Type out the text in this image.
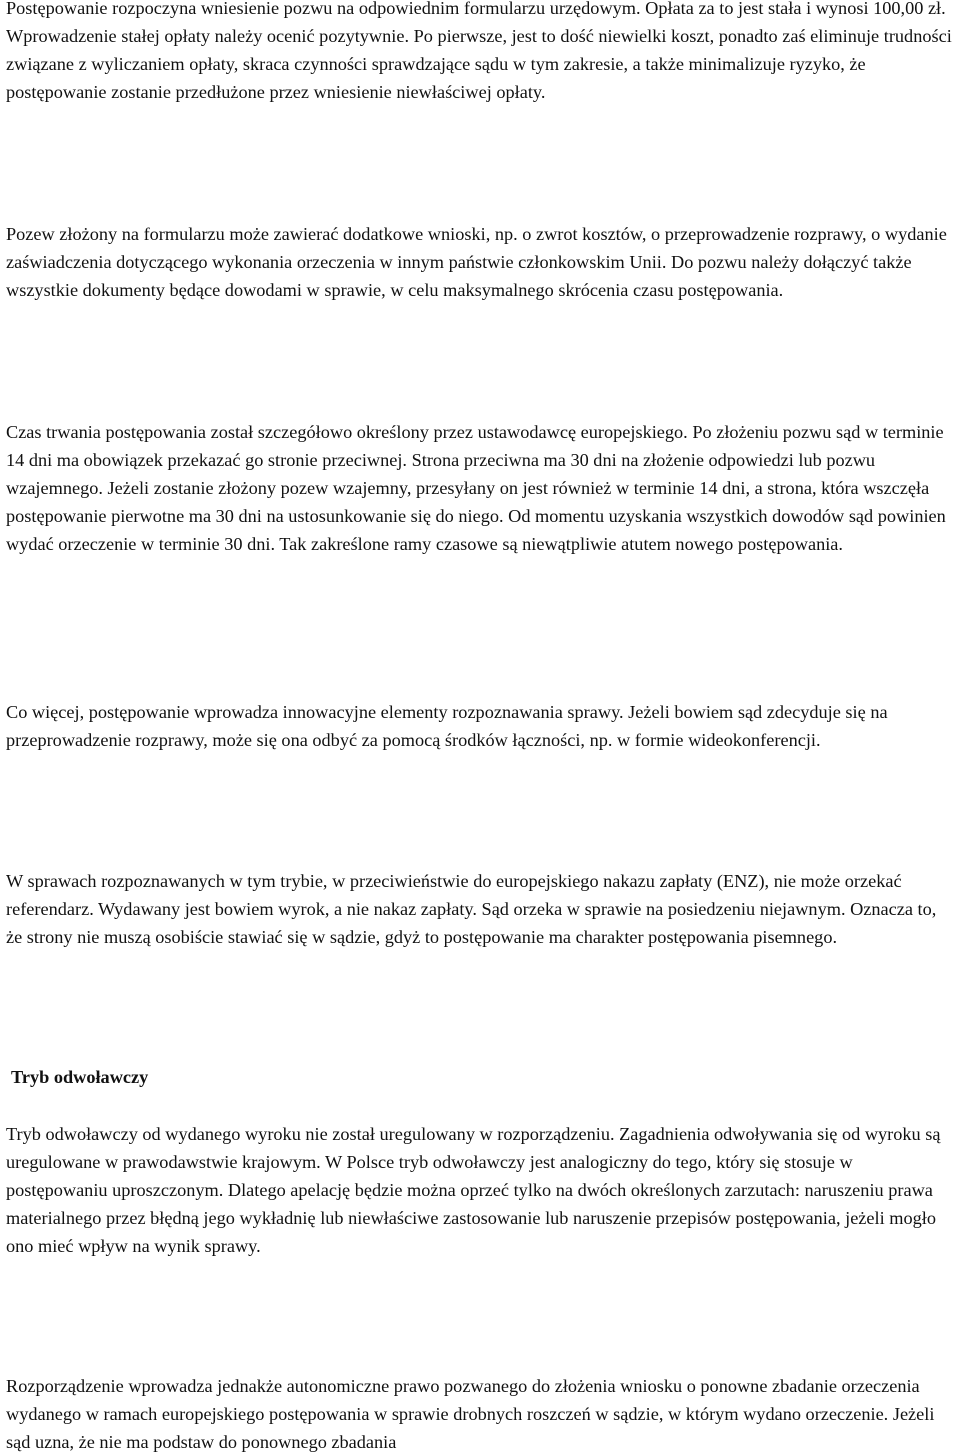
Postępowanie rozpoczyna wniesienie pozwu na odpowiednim formularzu urzędowym. Opłata za to jest stała i wynosi 100,00 zł. Wprowadzenie stałej opłaty należy ocenić pozytywnie. Po pierwsze, jest to dość niewielki koszt, ponadto zaś eliminuje trudności związane z wyliczaniem opłaty, skraca czynności sprawdzające sądu w tym zakresie, a także minimalizuje ryzyko, że postępowanie zostanie przedłużone przez wniesienie niewłaściwej opłaty.

Pozew złożony na formularzu może zawierać dodatkowe wnioski, np. o zwrot kosztów, o przeprowadzenie rozprawy, o wydanie zaświadczenia dotyczącego wykonania orzeczenia w innym państwie członkowskim Unii. Do pozwu należy dołączyć także wszystkie dokumenty będące dowodami w sprawie, w celu maksymalnego skrócenia czasu postępowania.

Czas trwania postępowania został szczegółowo określony przez ustawodawcę europejskiego. Po złożeniu pozwu sąd w terminie 14 dni ma obowiązek przekazać go stronie przeciwnej. Strona przeciwna ma 30 dni na złożenie odpowiedzi lub pozwu wzajemnego. Jeżeli zostanie złożony pozew wzajemny, przesyłany on jest również w terminie 14 dni, a strona, która wszczęła postępowanie pierwotne ma 30 dni na ustosunkowanie się do niego. Od momentu uzyskania wszystkich dowodów sąd powinien wydać orzeczenie w terminie 30 dni. Tak zakreślone ramy czasowe są niewątpliwie atutem nowego postępowania.

Co więcej, postępowanie wprowadza innowacyjne elementy rozpoznawania sprawy. Jeżeli bowiem sąd zdecyduje się na przeprowadzenie rozprawy, może się ona odbyć za pomocą środków łączności, np. w formie wideokonferencji.

W sprawach rozpoznawanych w tym trybie, w przeciwieństwie do europejskiego nakazu zapłaty (ENZ), nie może orzekać referendarz. Wydawany jest bowiem wyrok, a nie nakaz zapłaty. Sąd orzeka w sprawie na posiedzeniu niejawnym. Oznacza to, że strony nie muszą osobiście stawiać się w sądzie, gdyż to postępowanie ma charakter postępowania pisemnego.

Tryb odwoławczy

Tryb odwoławczy od wydanego wyroku nie został uregulowany w rozporządzeniu. Zagadnienia odwoływania się od wyroku są uregulowane w prawodawstwie krajowym. W Polsce tryb odwoławczy jest analogiczny do tego, który się stosuje w postępowaniu uproszczonym. Dlatego apelację będzie można oprzeć tylko na dwóch określonych zarzutach: naruszeniu prawa materialnego przez błędną jego wykładnię lub niewłaściwe zastosowanie lub naruszenie przepisów postępowania, jeżeli mogło ono mieć wpływ na wynik sprawy.

Rozporządzenie wprowadza jednakże autonomiczne prawo pozwanego do złożenia wniosku o ponowne zbadanie orzeczenia wydanego w ramach europejskiego postępowania w sprawie drobnych roszczeń w sądzie, w którym wydano orzeczenie. Jeżeli sąd uzna, że nie ma podstaw do ponownego zbadania
